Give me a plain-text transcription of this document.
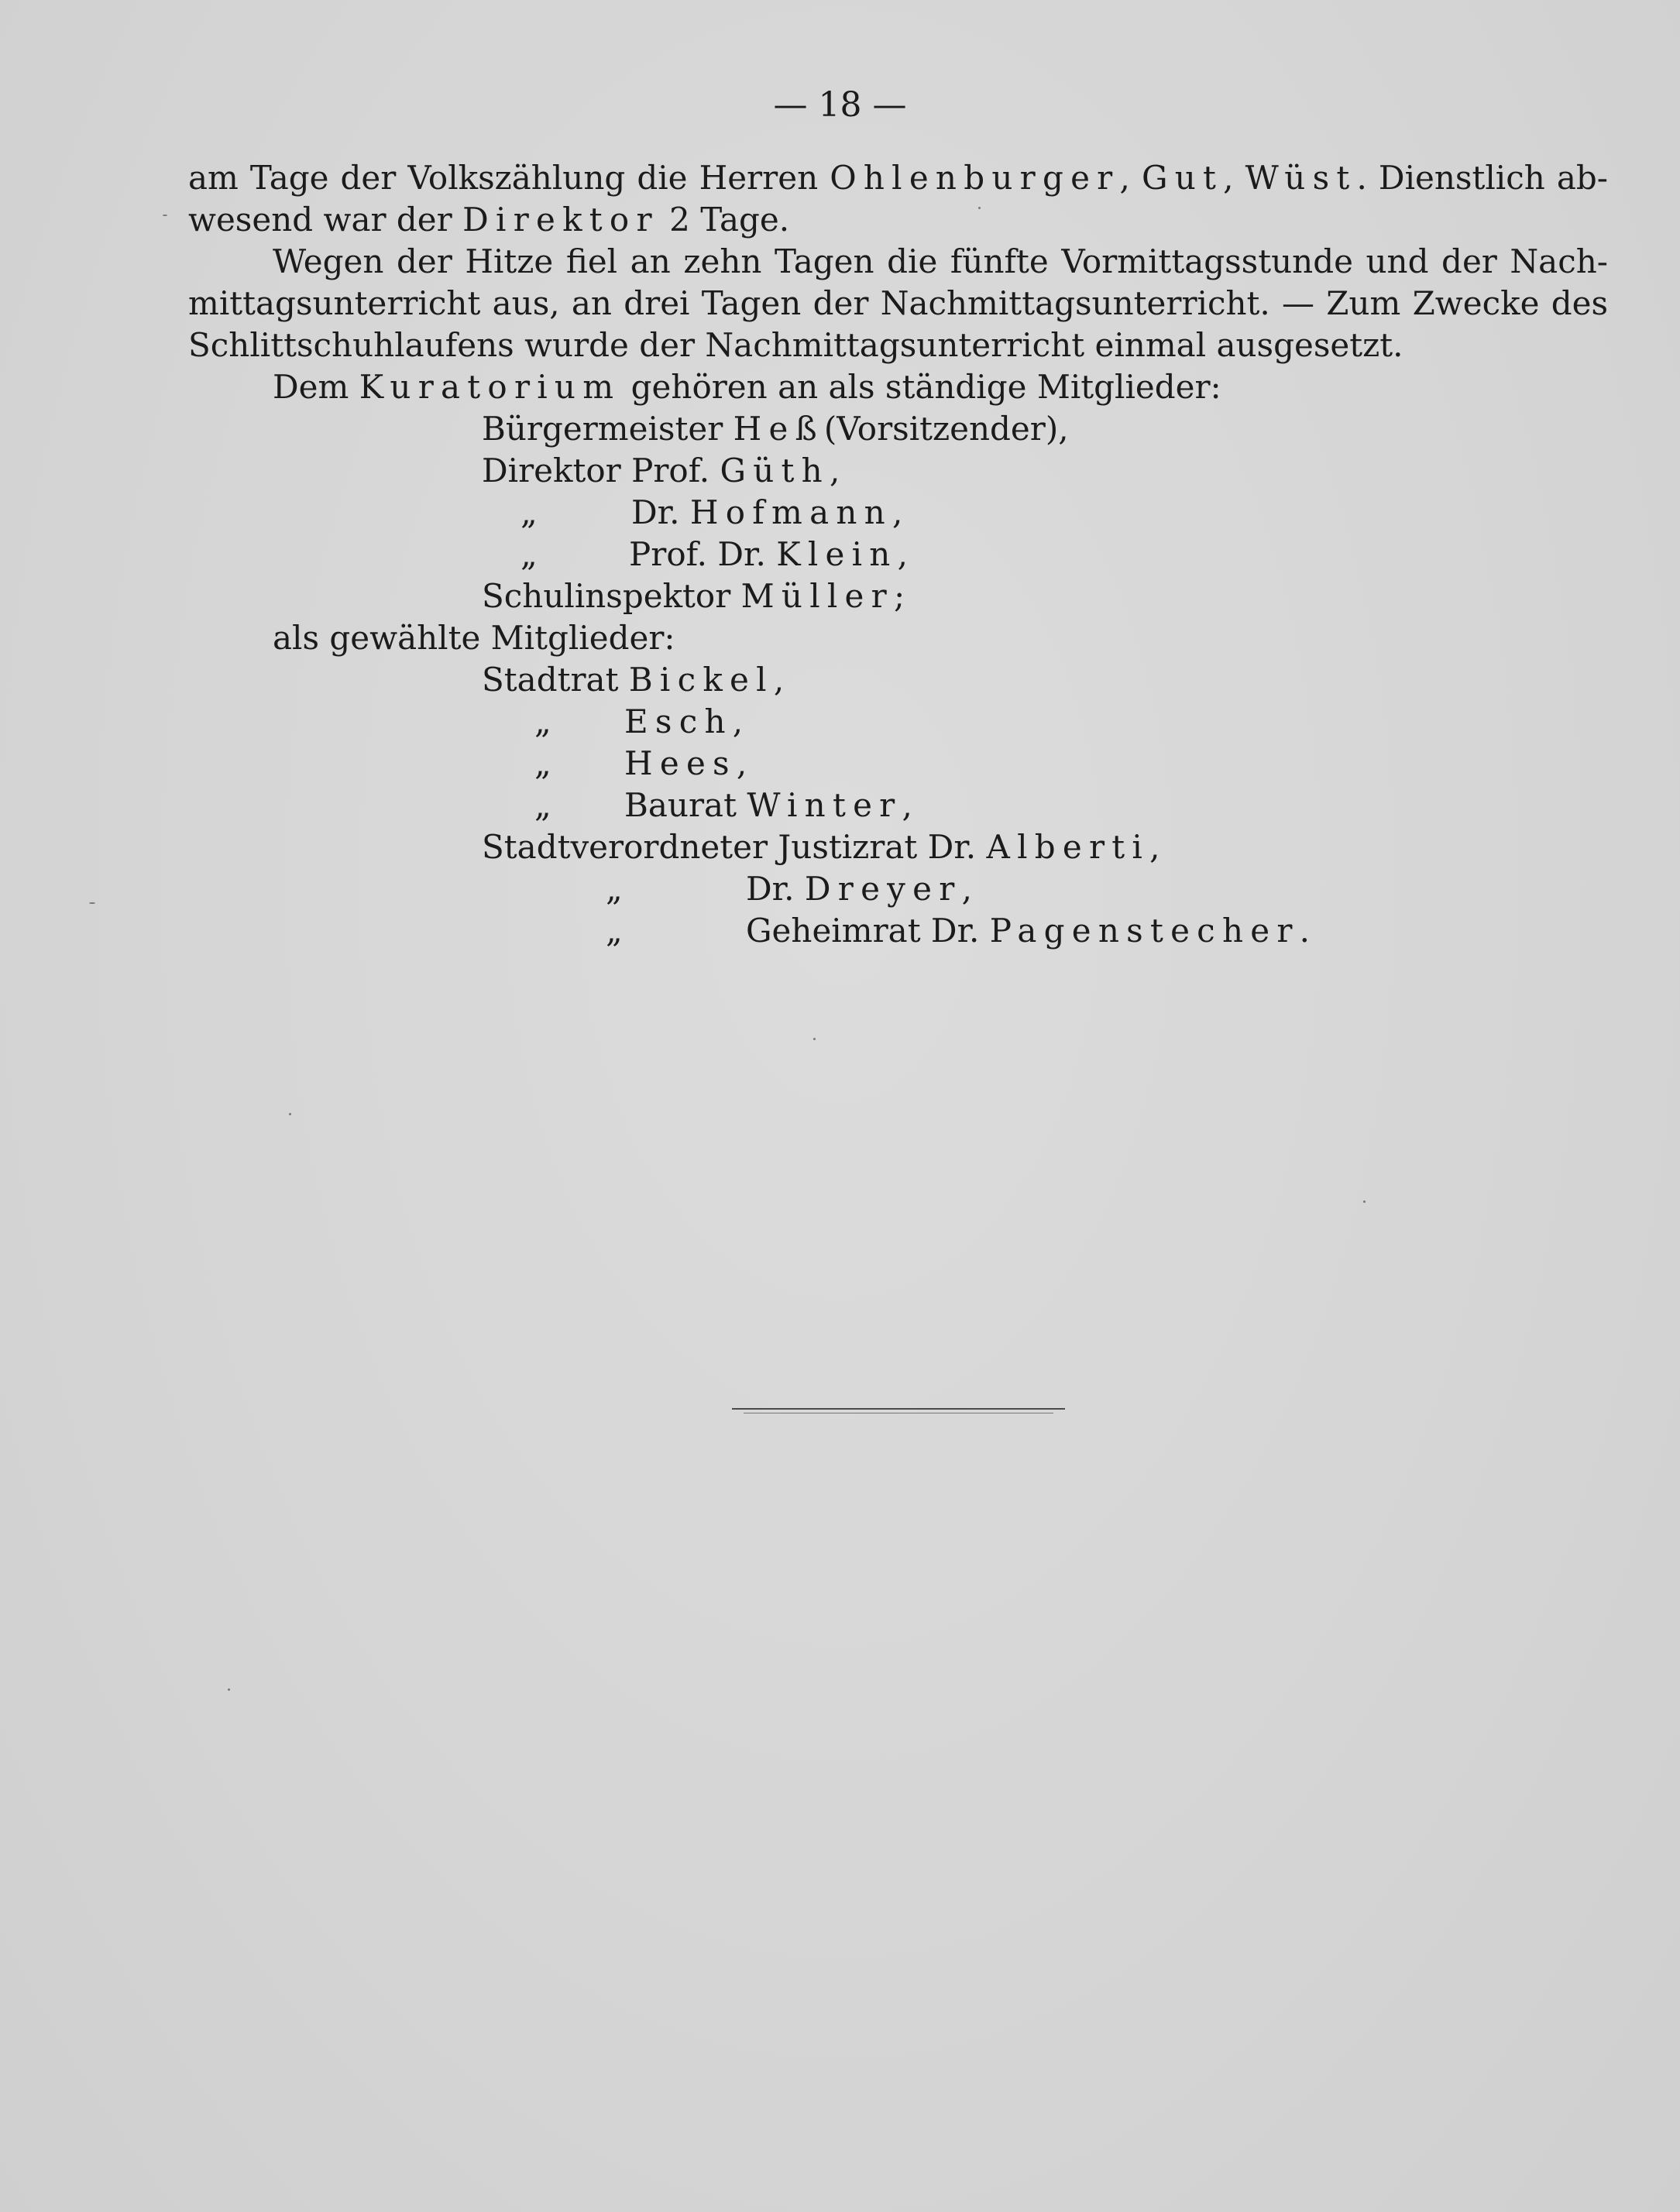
— 18 —
am Tage der Volkszählung die Herren Ohlenburger, Gut, Wüst. Dienstlich ab-
wesend war der Direktor 2 Tage.
Wegen der Hitze fiel an zehn Tagen die fünfte Vormittagsstunde und der Nach-
mittagsunterricht aus, an drei Tagen der Nachmittagsunterricht. — Zum Zwecke des
Schlittschuhlaufens wurde der Nachmittagsunterricht einmal ausgesetzt.
Dem Kuratorium gehören an als ständige Mitglieder:
Bürgermeister Heß(Vorsitzender),
Direktor Prof. Güth,
„	Dr. Hofmann,
„	Prof. Dr. Klein,
Schulinspektor Müller;
als gewählte Mitglieder:
Stadtrat Bickel,
„ Esch,
„ Hees,
„ Baurat Winter,
Stadtverordneter Justizrat Dr. Alberti,
„	Dr. Dreyer,
„	Geheimrat Dr. Pagenstecher.
